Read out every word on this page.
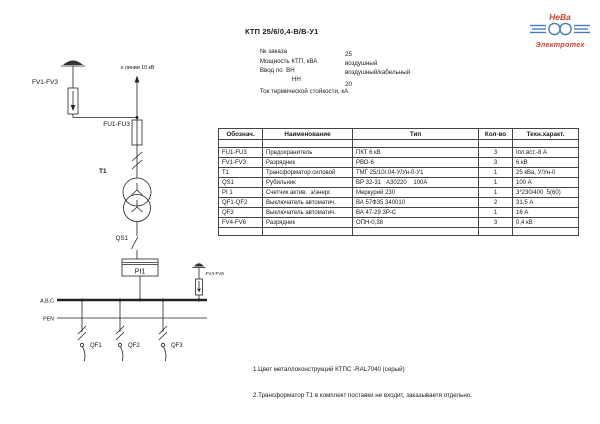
НеВа
Электротех
КТП 25/6/0,4-В/В-У1

№ заказа

Мощность КТП, кВА

25

Ввод по  ВН

воздушный

НН

воздушный/кабельный

Ток термической стойкости, кА

20

Обознач.	Наименование	Тип	Кол-во	Техн.характ.

FU1-FU3	Предохранитель	ПКТ 6 кВ	3	Iпл.вст.-8 А
FV1-FV3	Разрядник	РВО-6	3	6 кВ
Т1	Трансформатор силовой	ТМГ 25/10/,04-У/Ун-0-У1	1	25 кВа, У/Ун-0
QS1	Рубильник	ВР 32-31   А30220    100А	1	100 А
PI 1	Счетчик актив.  э/энерг.	Меркурий 230	1	3*230/400  5(60)
QF1-QF2	Выключатель автоматич.	ВА 57Ф35 340010	2	31,5 А
QF3	Выключатель автоматич.	ВА 47-29 3Р-С	1	16 А
FV4-FV6	Разрядник	ОПН-0,38	3	0,4 кВ

1.Цвет металлоконструкций КТПС -RAL7040 (серый)

2.Трансформатор Т1 в комплект поставки не входит, заказываетя отдельно.

FV1-FV3
к линии 10 кВ
FU1-FU3
Т1
QS1
PI1	FV4-FV6
А,В,С
PEN
QF1	QF2	QF3
